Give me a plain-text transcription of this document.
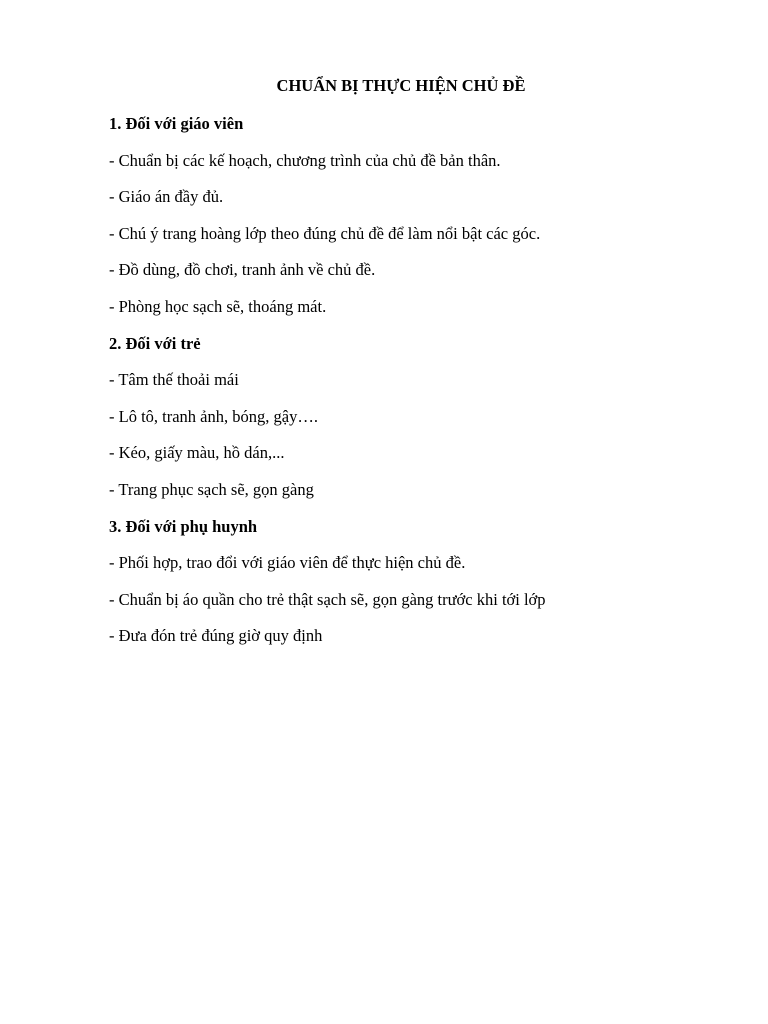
CHUẨN BỊ THỰC HIỆN CHỦ ĐỀ

1. Đối với giáo viên

- Chuẩn bị các kế hoạch, chương trình của chủ đề bản thân.

- Giáo án đầy đủ.

- Chú ý trang hoàng lớp theo đúng chủ đề để làm nổi bật các góc.

- Đồ dùng, đồ chơi, tranh ảnh về chủ đề.

- Phòng học sạch sẽ, thoáng mát.

2. Đối với trẻ

- Tâm thế thoải mái

- Lô tô, tranh ảnh, bóng, gậy….

- Kéo, giấy màu, hồ dán,...

- Trang phục sạch sẽ, gọn gàng

3. Đối với phụ huynh

- Phối hợp, trao đổi với giáo viên để thực hiện chủ đề.

- Chuẩn bị áo quần cho trẻ thật sạch sẽ, gọn gàng trước khi tới lớp

- Đưa đón trẻ đúng giờ quy định
